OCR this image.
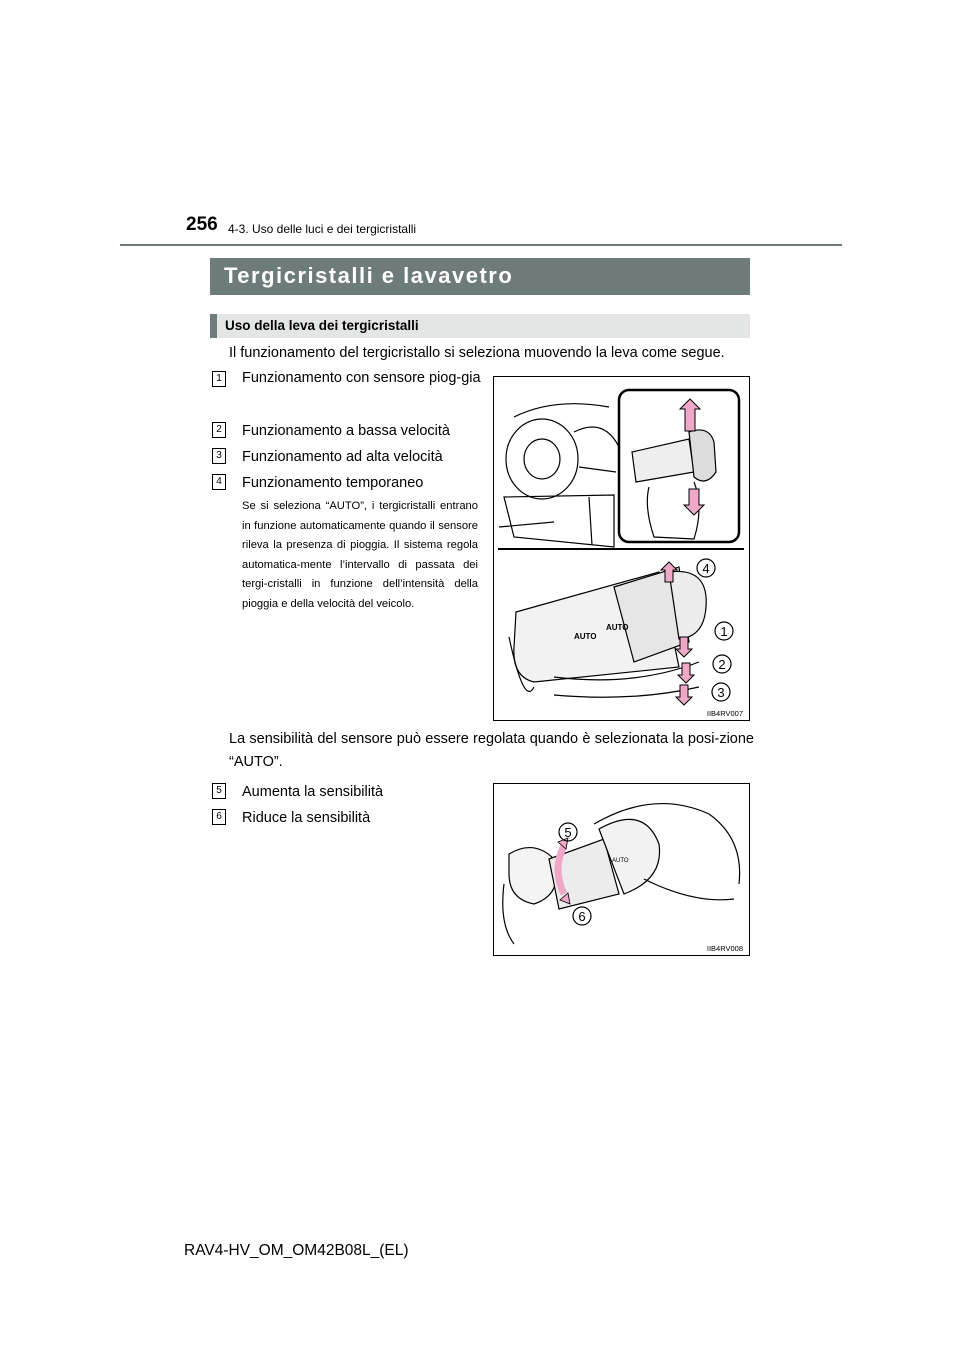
256 4-3. Uso delle luci e dei tergicristalli
Tergicristalli e lavavetro
Uso della leva dei tergicristalli
Il funzionamento del tergicristallo si seleziona muovendo la leva come segue.
1 Funzionamento con sensore piog-gia
2 Funzionamento a bassa velocità
3 Funzionamento ad alta velocità
4 Funzionamento temporaneo
Se si seleziona “AUTO”, i tergicristalli entrano in funzione automaticamente quando il sensore rileva la presenza di pioggia. Il sistema regola automatica-mente l’intervallo di passata dei tergi-cristalli in funzione dell’intensità della pioggia e della velocità del veicolo.
AUTO
AUTO
4
1
2
3
IIB4RV007
La sensibilità del sensore può essere regolata quando è selezionata la posi-zione “AUTO”.
5 Aumenta la sensibilità
6 Riduce la sensibilità
AUTO
5
6
IIB4RV008
RAV4-HV_OM_OM42B08L_(EL)
